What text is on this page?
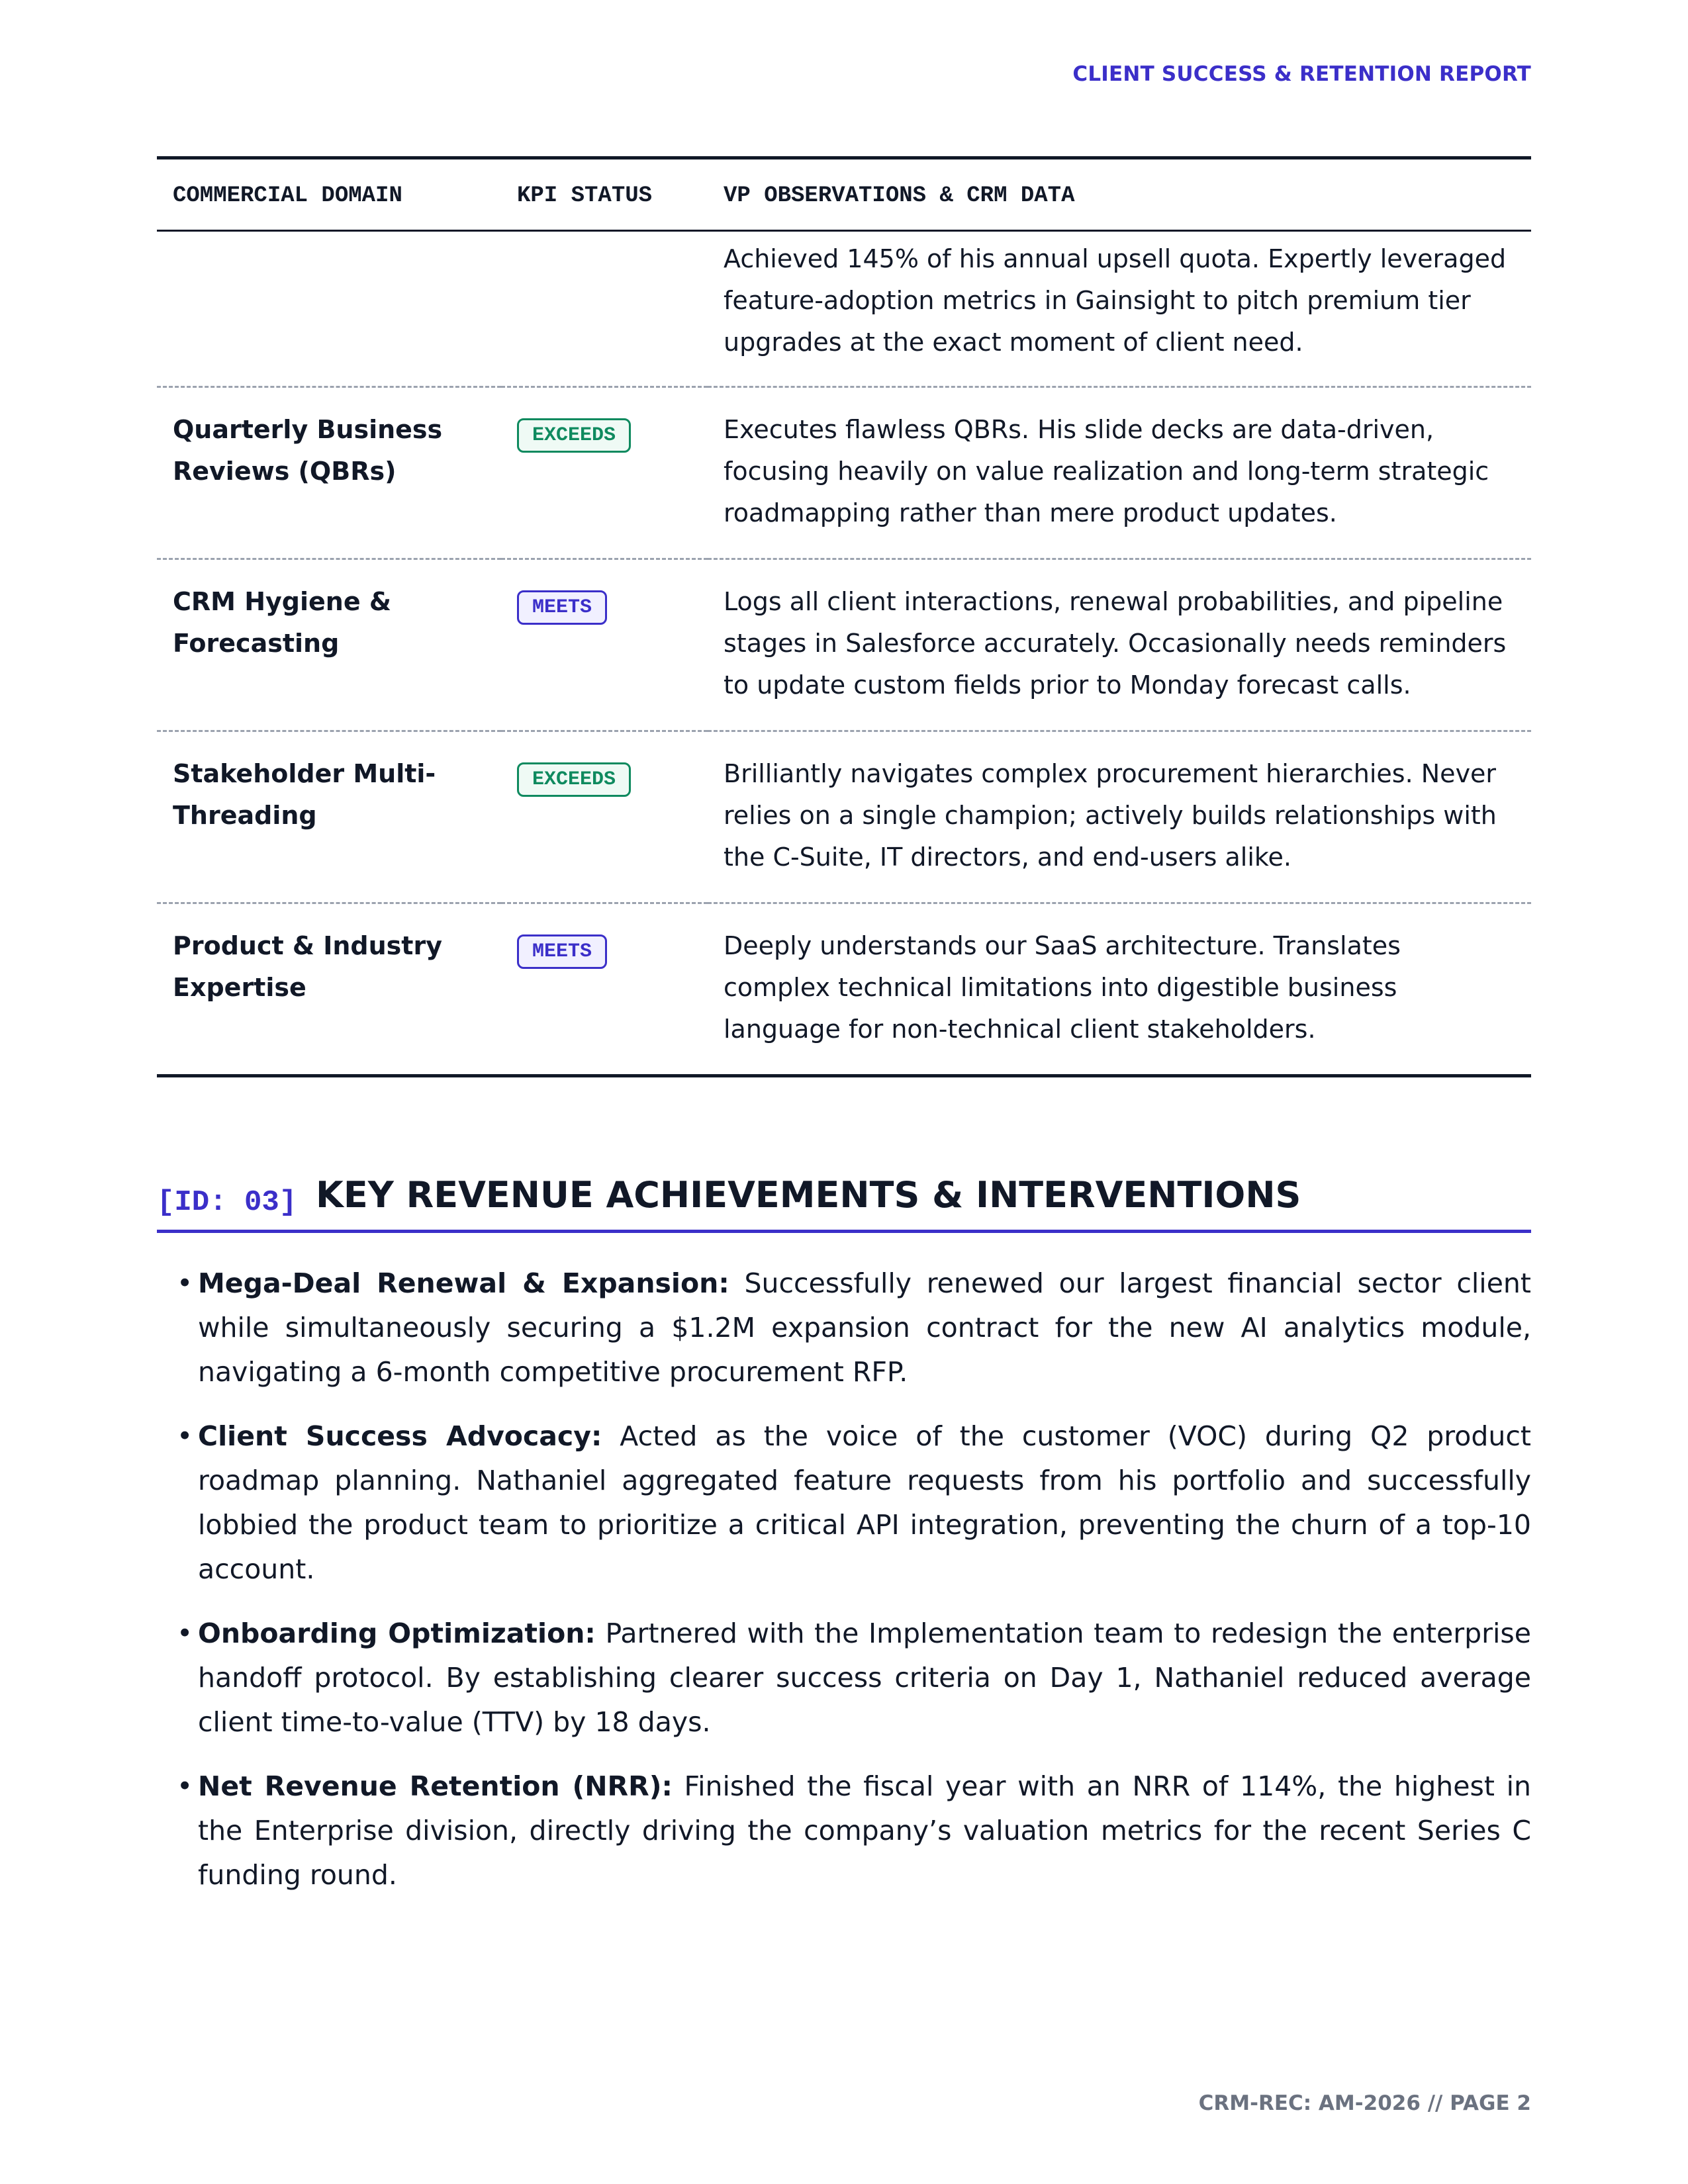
CLIENT SUCCESS & RETENTION REPORT
COMMERCIAL DOMAIN	KPI STATUS	VP OBSERVATIONS & CRM DATA

		Achieved 145% of his annual upsell quota. Expertly leveraged feature-adoption metrics in Gainsight to pitch premium tier upgrades at the exact moment of client need.

Quarterly Business Reviews (QBRs)	EXCEEDS	Executes flawless QBRs. His slide decks are data-driven, focusing heavily on value realization and long-term strategic roadmapping rather than mere product updates.

CRM Hygiene & Forecasting	MEETS	Logs all client interactions, renewal probabilities, and pipeline stages in Salesforce accurately. Occasionally needs reminders to update custom fields prior to Monday forecast calls.

Stakeholder Multi-Threading	EXCEEDS	Brilliantly navigates complex procurement hierarchies. Never relies on a single champion; actively builds relationships with the C-Suite, IT directors, and end-users alike.

Product & Industry Expertise	MEETS	Deeply understands our SaaS architecture. Translates complex technical limitations into digestible business language for non-technical client stakeholders.
[ID: 03] KEY REVENUE ACHIEVEMENTS & INTERVENTIONS
• Mega-Deal Renewal & Expansion: Successfully renewed our largest financial sector client while simultaneously securing a $1.2M expansion contract for the new AI analytics module, navigating a 6-month competitive procurement RFP.
• Client Success Advocacy: Acted as the voice of the customer (VOC) during Q2 product roadmap planning. Nathaniel aggregated feature requests from his portfolio and successfully lobbied the product team to prioritize a critical API integration, preventing the churn of a top-10 account.
• Onboarding Optimization: Partnered with the Implementation team to redesign the enterprise handoff protocol. By establishing clearer success criteria on Day 1, Nathaniel reduced average client time-to-value (TTV) by 18 days.
• Net Revenue Retention (NRR): Finished the fiscal year with an NRR of 114%, the highest in the Enterprise division, directly driving the company’s valuation metrics for the recent Series C funding round.
CRM-REC: AM-2026 // PAGE 2
